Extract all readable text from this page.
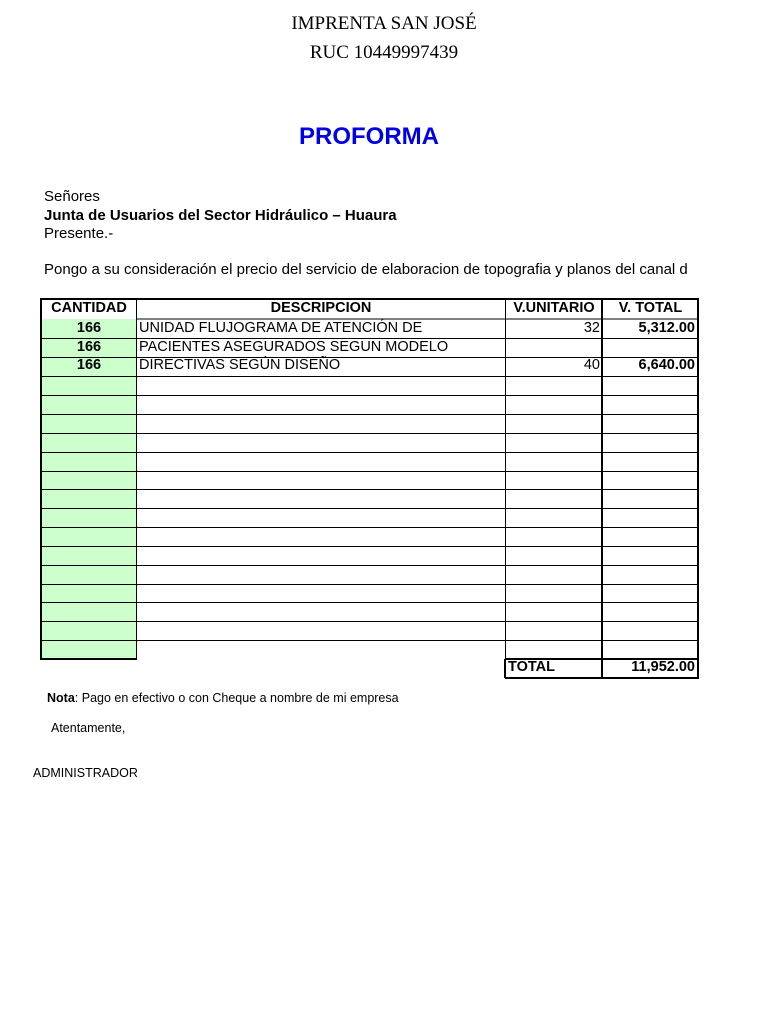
IMPRENTA SAN JOSÉ
RUC 10449997439
PROFORMA
Señores
Junta de Usuarios del Sector Hidráulico – Huaura
Presente.-
Pongo a su consideración el precio del servicio de elaboracion de topografia y planos del canal d
CANTIDAD	DESCRIPCION	V.UNITARIO	V. TOTAL
166	UNIDAD FLUJOGRAMA DE ATENCIÓN DE	32	5,312.00
166	PACIENTES ASEGURADOS SEGUN MODELO
166	DIRECTIVAS SEGÚN DISEÑO	40	6,640.00
TOTAL	11,952.00
Nota: Pago en efectivo o con Cheque a nombre de mi empresa
Atentamente,
ADMINISTRADOR
